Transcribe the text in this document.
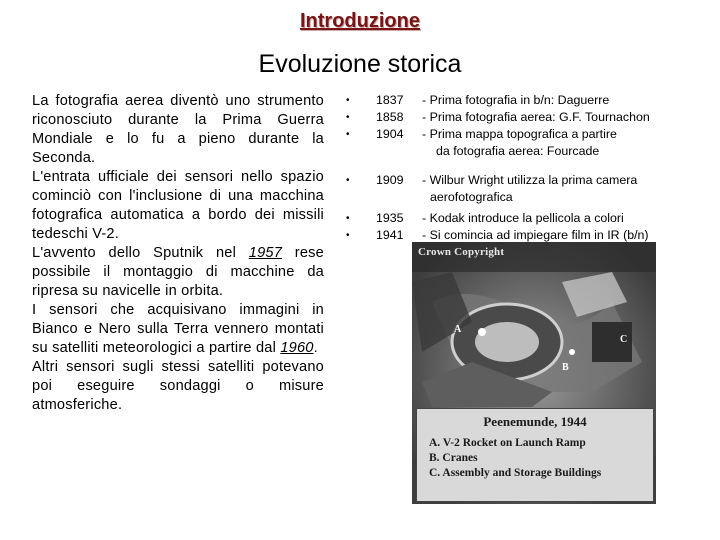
Introduzione
Evoluzione storica

La fotografia aerea diventò uno strumento riconosciuto durante la Prima Guerra Mondiale e lo fu a pieno durante la Seconda.

L'entrata ufficiale dei sensori nello spazio cominciò con l'inclusione di una macchina fotografica automatica a bordo dei missili tedeschi V-2.

L'avvento dello Sputnik nel 1957 rese possibile il montaggio di macchine da ripresa su navicelle in orbita.

I sensori che acquisivano immagini in Bianco e Nero sulla Terra vennero montati su satelliti meteorologici a partire dal 1960.

Altri sensori sugli stessi satelliti potevano poi eseguire sondaggi o misure atmosferiche.

• 1837 - Prima fotografia in b/n: Daguerre
• 1858 - Prima fotografia aerea: G.F. Tournachon
• 1904 - Prima mappa topografica a partire
da fotografia aerea: Fourcade
• 1909 - Wilbur Wright utilizza la prima camera
aerofotografica
• 1935 - Kodak introduce la pellicola a colori
• 1941 - Si comincia ad impiegare film in IR (b/n)
Crown Copyright
A
B
C
Peenemunde, 1944
A. V-2 Rocket on Launch Ramp
B. Cranes
C. Assembly and Storage Buildings
